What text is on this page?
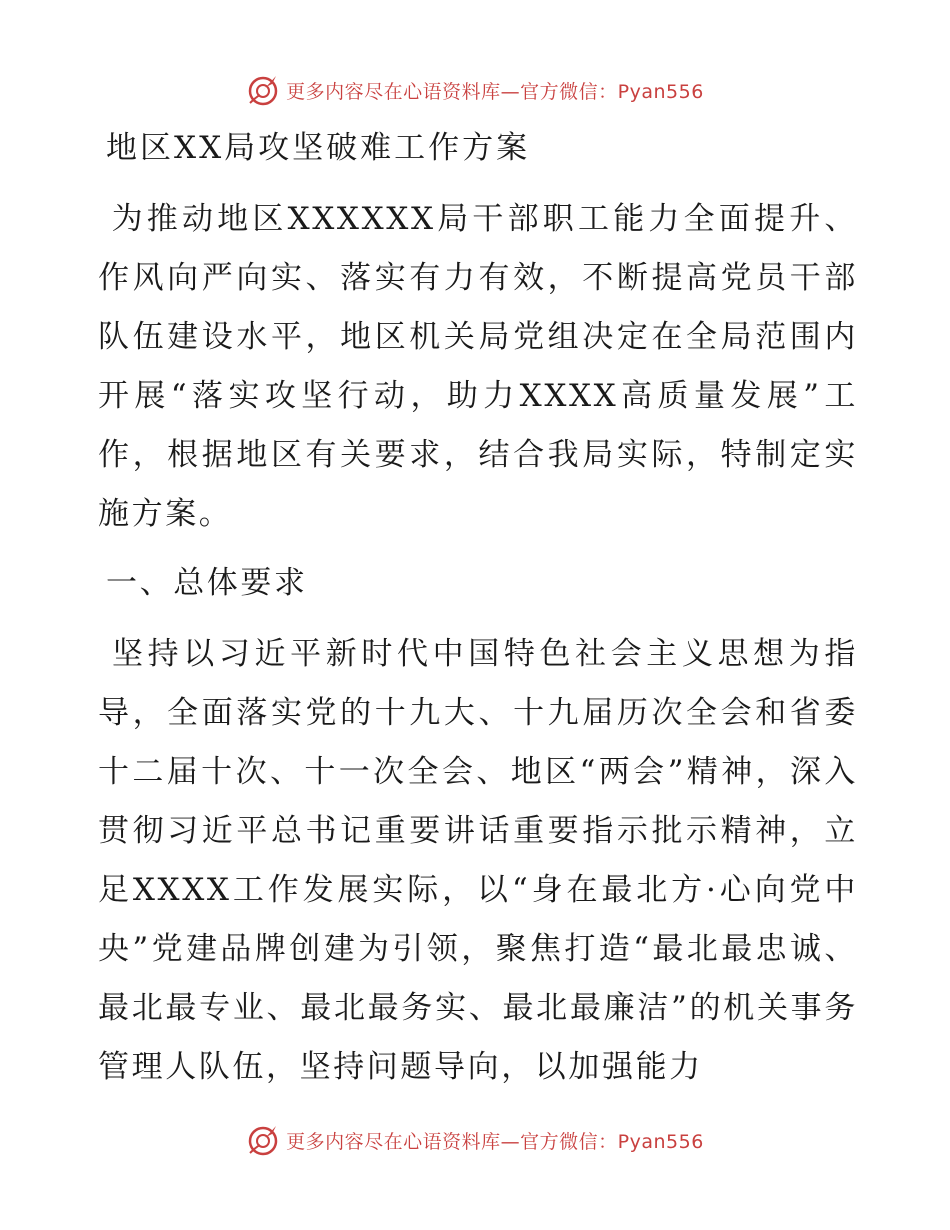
更多内容尽在心语资料库—官方微信：Pyan556
地区XX局攻坚破难工作方案

为推动地区XXXXXX局干部职工能力全面提升、作风向严向实、落实有力有效，不断提高党员干部队伍建设水平，地区机关局党组决定在全局范围内开展“落实攻坚行动，助力XXXX高质量发展”工作，根据地区有关要求，结合我局实际，特制定实施方案。

一、总体要求

坚持以习近平新时代中国特色社会主义思想为指导，全面落实党的十九大、十九届历次全会和省委十二届十次、十一次全会、地区“两会”精神，深入贯彻习近平总书记重要讲话重要指示批示精神，立足XXXX工作发展实际，以“身在最北方·心向党中央”党建品牌创建为引领，聚焦打造“最北最忠诚、最北最专业、最北最务实、最北最廉洁”的机关事务管理人队伍，坚持问题导向，以加强能力

更多内容尽在心语资料库—官方微信：Pyan556
